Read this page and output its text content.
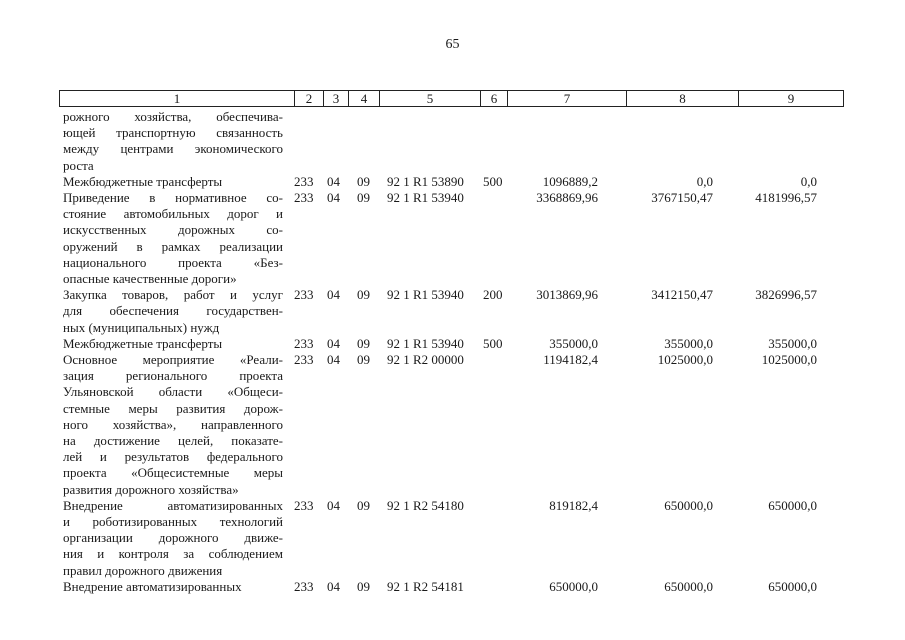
65
1	2	3	4	5	6	7	8	9
рожного хозяйства, обеспечива-
ющей транспортную связанность
между центрами экономического
роста
Межбюджетные трансферты	233 04 09 92 1 R1 53890 500	1096889,2	0,0	0,0
Приведение в нормативное со-
стояние автомобильных дорог и
искусственных дорожных со-
оружений в рамках реализации
национального проекта «Без-
опасные качественные дороги»
233 04 09 92 1 R1 53940	3368869,96	3767150,47	4181996,57
Закупка товаров, работ и услуг
для обеспечения государствен-
ных (муниципальных) нужд
233 04 09 92 1 R1 53940 200	3013869,96	3412150,47	3826996,57
Межбюджетные трансферты	233 04 09 92 1 R1 53940 500	355000,0	355000,0	355000,0
Основное мероприятие «Реали-
зация регионального проекта
Ульяновской области «Общеси-
стемные меры развития дорож-
ного хозяйства», направленного
на достижение целей, показате-
лей и результатов федерального
проекта «Общесистемные меры
развития дорожного хозяйства»
233 04 09 92 1 R2 00000	1194182,4	1025000,0	1025000,0
Внедрение автоматизированных
и роботизированных технологий
организации дорожного движе-
ния и контроля за соблюдением
правил дорожного движения
233 04 09 92 1 R2 54180	819182,4	650000,0	650000,0
Внедрение автоматизированных	233 04 09 92 1 R2 54181	650000,0	650000,0	650000,0
